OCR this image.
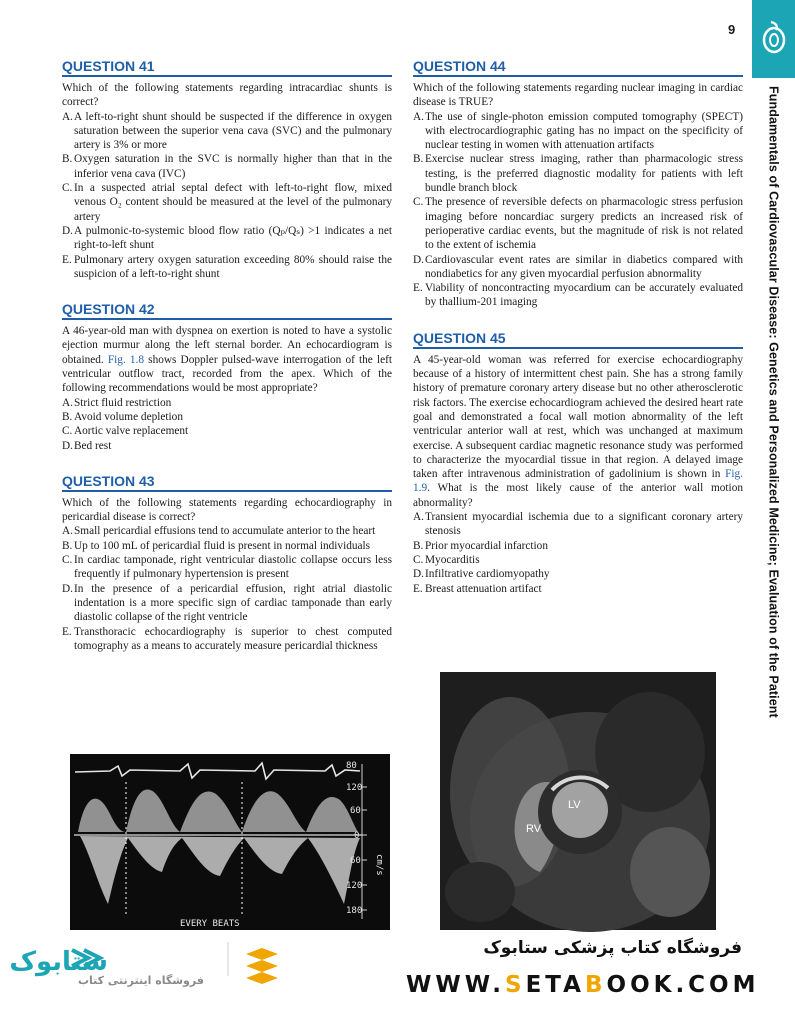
9
Fundamentals of Cardiovascular Disease: Genetics and Personalized Medicine; Evaluation of the Patient
QUESTION 41
Which of the following statements regarding intracardiac shunts is correct?
A. A left-to-right shunt should be suspected if the difference in oxygen saturation between the superior vena cava (SVC) and the pulmonary artery is 3% or more
B. Oxygen saturation in the SVC is normally higher than that in the inferior vena cava (IVC)
C. In a suspected atrial septal defect with left-to-right flow, mixed venous O₂ content should be measured at the level of the pulmonary artery
D. A pulmonic-to-systemic blood flow ratio (Qₚ/Qₛ) >1 indicates a net right-to-left shunt
E. Pulmonary artery oxygen saturation exceeding 80% should raise the suspicion of a left-to-right shunt
QUESTION 42
A 46-year-old man with dyspnea on exertion is noted to have a systolic ejection murmur along the left sternal border. An echocardiogram is obtained. Fig. 1.8 shows Doppler pulsed-wave interrogation of the left ventricular outflow tract, recorded from the apex. Which of the following recommendations would be most appropriate?
A. Strict fluid restriction
B. Avoid volume depletion
C. Aortic valve replacement
D. Bed rest
QUESTION 43
Which of the following statements regarding echocardiography in pericardial disease is correct?
A. Small pericardial effusions tend to accumulate anterior to the heart
B. Up to 100 mL of pericardial fluid is present in normal individuals
C. In cardiac tamponade, right ventricular diastolic collapse occurs less frequently if pulmonary hypertension is present
D. In the presence of a pericardial effusion, right atrial diastolic indentation is a more specific sign of cardiac tamponade than early diastolic collapse of the right ventricle
E. Transthoracic echocardiography is superior to chest computed tomography as a means to accurately measure pericardial thickness
QUESTION 44
Which of the following statements regarding nuclear imaging in cardiac disease is TRUE?
A. The use of single-photon emission computed tomography (SPECT) with electrocardiographic gating has no impact on the specificity of nuclear testing in women with attenuation artifacts
B. Exercise nuclear stress imaging, rather than pharmacologic stress testing, is the preferred diagnostic modality for patients with left bundle branch block
C. The presence of reversible defects on pharmacologic stress perfusion imaging before noncardiac surgery predicts an increased risk of perioperative cardiac events, but the magnitude of risk is not related to the extent of ischemia
D. Cardiovascular event rates are similar in diabetics compared with nondiabetics for any given myocardial perfusion abnormality
E. Viability of noncontracting myocardium can be accurately evaluated by thallium-201 imaging
QUESTION 45
A 45-year-old woman was referred for exercise echocardiography because of a history of intermittent chest pain. She has a strong family history of premature coronary artery disease but no other atherosclerotic risk factors. The exercise echocardiogram achieved the desired heart rate goal and demonstrated a focal wall motion abnormality of the left ventricular anterior wall at rest, which was unchanged at maximum exercise. A subsequent cardiac magnetic resonance study was performed to characterize the myocardial tissue in that region. A delayed image taken after intravenous administration of gadolinium is shown in Fig. 1.9. What is the most likely cause of the anterior wall motion abnormality?
A. Transient myocardial ischemia due to a significant coronary artery stenosis
B. Prior myocardial infarction
C. Myocarditis
D. Infiltrative cardiomyopathy
E. Breast attenuation artifact
80
120
60
0
60
120
180
cm/s
EVERY BEATS
LV
RV
ستابوک
فروشگاه اینترنتی کتاب
فروشگاه کتاب پزشکی ستابوک
WWW.SETABOOK.COM
